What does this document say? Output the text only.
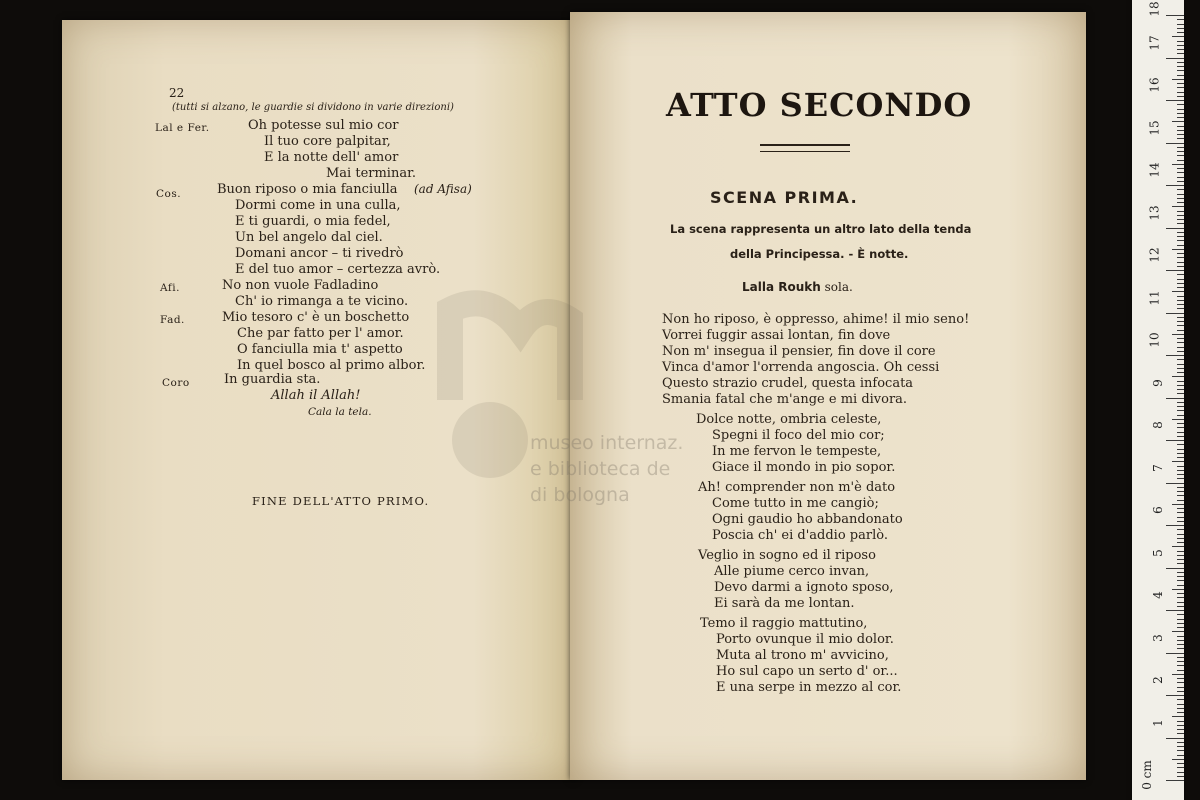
22
(tutti si alzano, le guardie si dividono in varie direzioni)
Lal e Fer.	Oh potesse sul mio cor
Il tuo core palpitar,
E la notte dell' amor
Mai terminar.
Cos.	Buon riposo o mia fanciulla (ad Afisa)
Dormi come in una culla,
E ti guardi, o mia fedel,
Un bel angelo dal ciel.
Domani ancor – ti rivedrò
E del tuo amor – certezza avrò.
Afi.	No non vuole Fadladino
Ch' io rimanga a te vicino.
Fad.	Mio tesoro c' è un boschetto
Che par fatto per l' amor.
O fanciulla mia t' aspetto
In quel bosco al primo albor.
Coro	In guardia sta.
Allah il Allah!
Cala la tela.
FINE DELL'ATTO PRIMO.
ATTO SECONDO
SCENA PRIMA.
La scena rappresenta un altro lato della tenda
della Principessa. - È notte.
Lalla Roukh sola.
Non ho riposo, è oppresso, ahime! il mio seno!
Vorrei fuggir assai lontan, fin dove
Non m' insegua il pensier, fin dove il core
Vinca d'amor l'orrenda angoscia. Oh cessi
Questo strazio crudel, questa infocata
Smania fatal che m'ange e mi divora.
Dolce notte, ombria celeste,
Spegni il foco del mio cor;
In me fervon le tempeste,
Giace il mondo in pio sopor.
Ah! comprender non m'è dato
Come tutto in me cangiò;
Ogni gaudio ho abbandonato
Poscia ch' ei d'addio parlò.
Veglio in sogno ed il riposo
Alle piume cerco invan,
Devo darmi a ignoto sposo,
Ei sarà da me lontan.
Temo il raggio mattutino,
Porto ovunque il mio dolor.
Muta al trono m' avvicino,
Ho sul capo un serto d' or...
E una serpe in mezzo al cor.
museo internaz.
e biblioteca de
di bologna
0 cm
1
2
3
4
5
6
7
8
9
10
11
12
13
14
15
16
17
18
